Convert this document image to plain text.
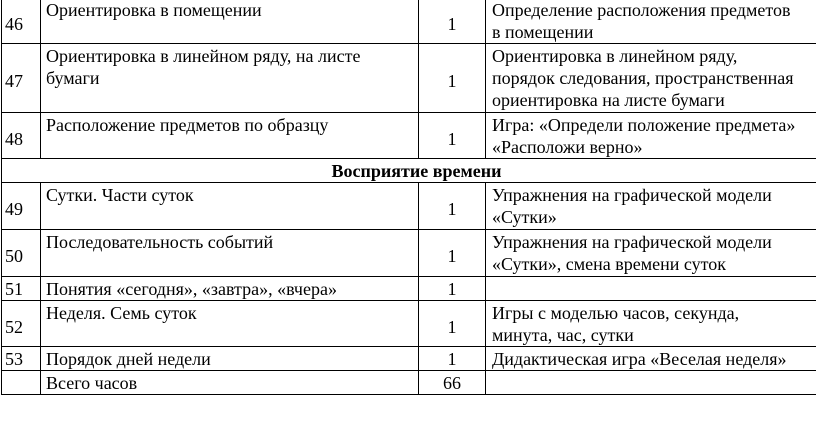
46	Ориентировка в помещении	1	Определение расположения предметов
в помещении

47	Ориентировка в линейном ряду, на листе бумаги	1	Ориентировка в линейном ряду,
порядок следования, пространственная
ориентировка на листе бумаги

48	Расположение предметов по образцу	1	Игра: «Определи положение предмета»
«Расположи верно»

Восприятие времени			
49	Сутки. Части суток	1	Упражнения на графической модели
«Сутки»

50	Последовательность событий	1	Упражнения на графической модели
«Сутки», смена времени суток

51	Понятия «сегодня», «завтра», «вчера»	1	

52	Неделя. Семь суток	1	Игры с моделью часов, секунда,
минута, час, сутки

53	Порядок дней недели	1	Дидактическая игра «Веселая неделя»

	Всего часов	66	
